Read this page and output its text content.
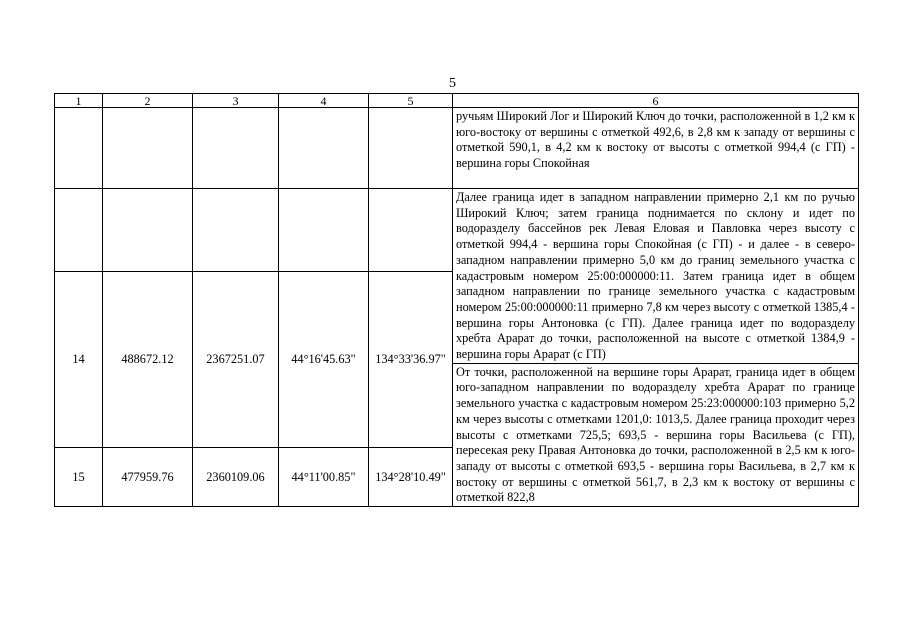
5
1	2	3	4	5	6
					ручьям Широкий Лог и Широкий Ключ до точки, расположенной в 1,2 км к юго-востоку от вершины с отметкой 492,6, в 2,8 км к западу от вершины с отметкой 590,1, в 4,2 км к востоку от высоты с отметкой 994,4 (с ГП) - вершина горы Спокойная
					Далее граница идет в западном направлении примерно 2,1 км по ручью Широкий Ключ; затем граница поднимается по склону и идет по водоразделу бассейнов рек Левая Еловая и Павловка через высоту с отметкой 994,4 - вершина горы Спокойная (с ГП) - и далее - в северо-западном направлении примерно 5,0 км до границ земельного участка с кадастровым номером 25:00:000000:11. Затем граница идет в общем западном направлении по границе земельного участка с кадастровым номером 25:00:000000:11 примерно 7,8 км через высоту с отметкой 1385,4 - вершина горы Антоновка (с ГП). Далее граница идет по водоразделу хребта Арарат до точки, расположенной на высоте с отметкой 1384,9 - вершина горы Арарат (с ГП)
14	488672.12	2367251.07	44°16'45.63"	134°33'36.97"	
					От точки, расположенной на вершине горы Арарат, граница идет в общем юго-западном направлении по водоразделу хребта Арарат по границе земельного участка с кадастровым номером 25:23:000000:103 примерно 5,2 км через высоты с отметками 1201,0: 1013,5. Далее граница проходит через высоты с отметками 725,5; 693,5 - вершина горы Васильева (с ГП), пересекая реку Правая Антоновка до точки, расположенной в 2,5 км к юго-западу от высоты с отметкой 693,5 - вершина горы Васильева, в 2,7 км к востоку от вершины с отметкой 561,7, в 2,3 км к востоку от вершины с отметкой 822,8
15	477959.76	2360109.06	44°11'00.85"	134°28'10.49"	
